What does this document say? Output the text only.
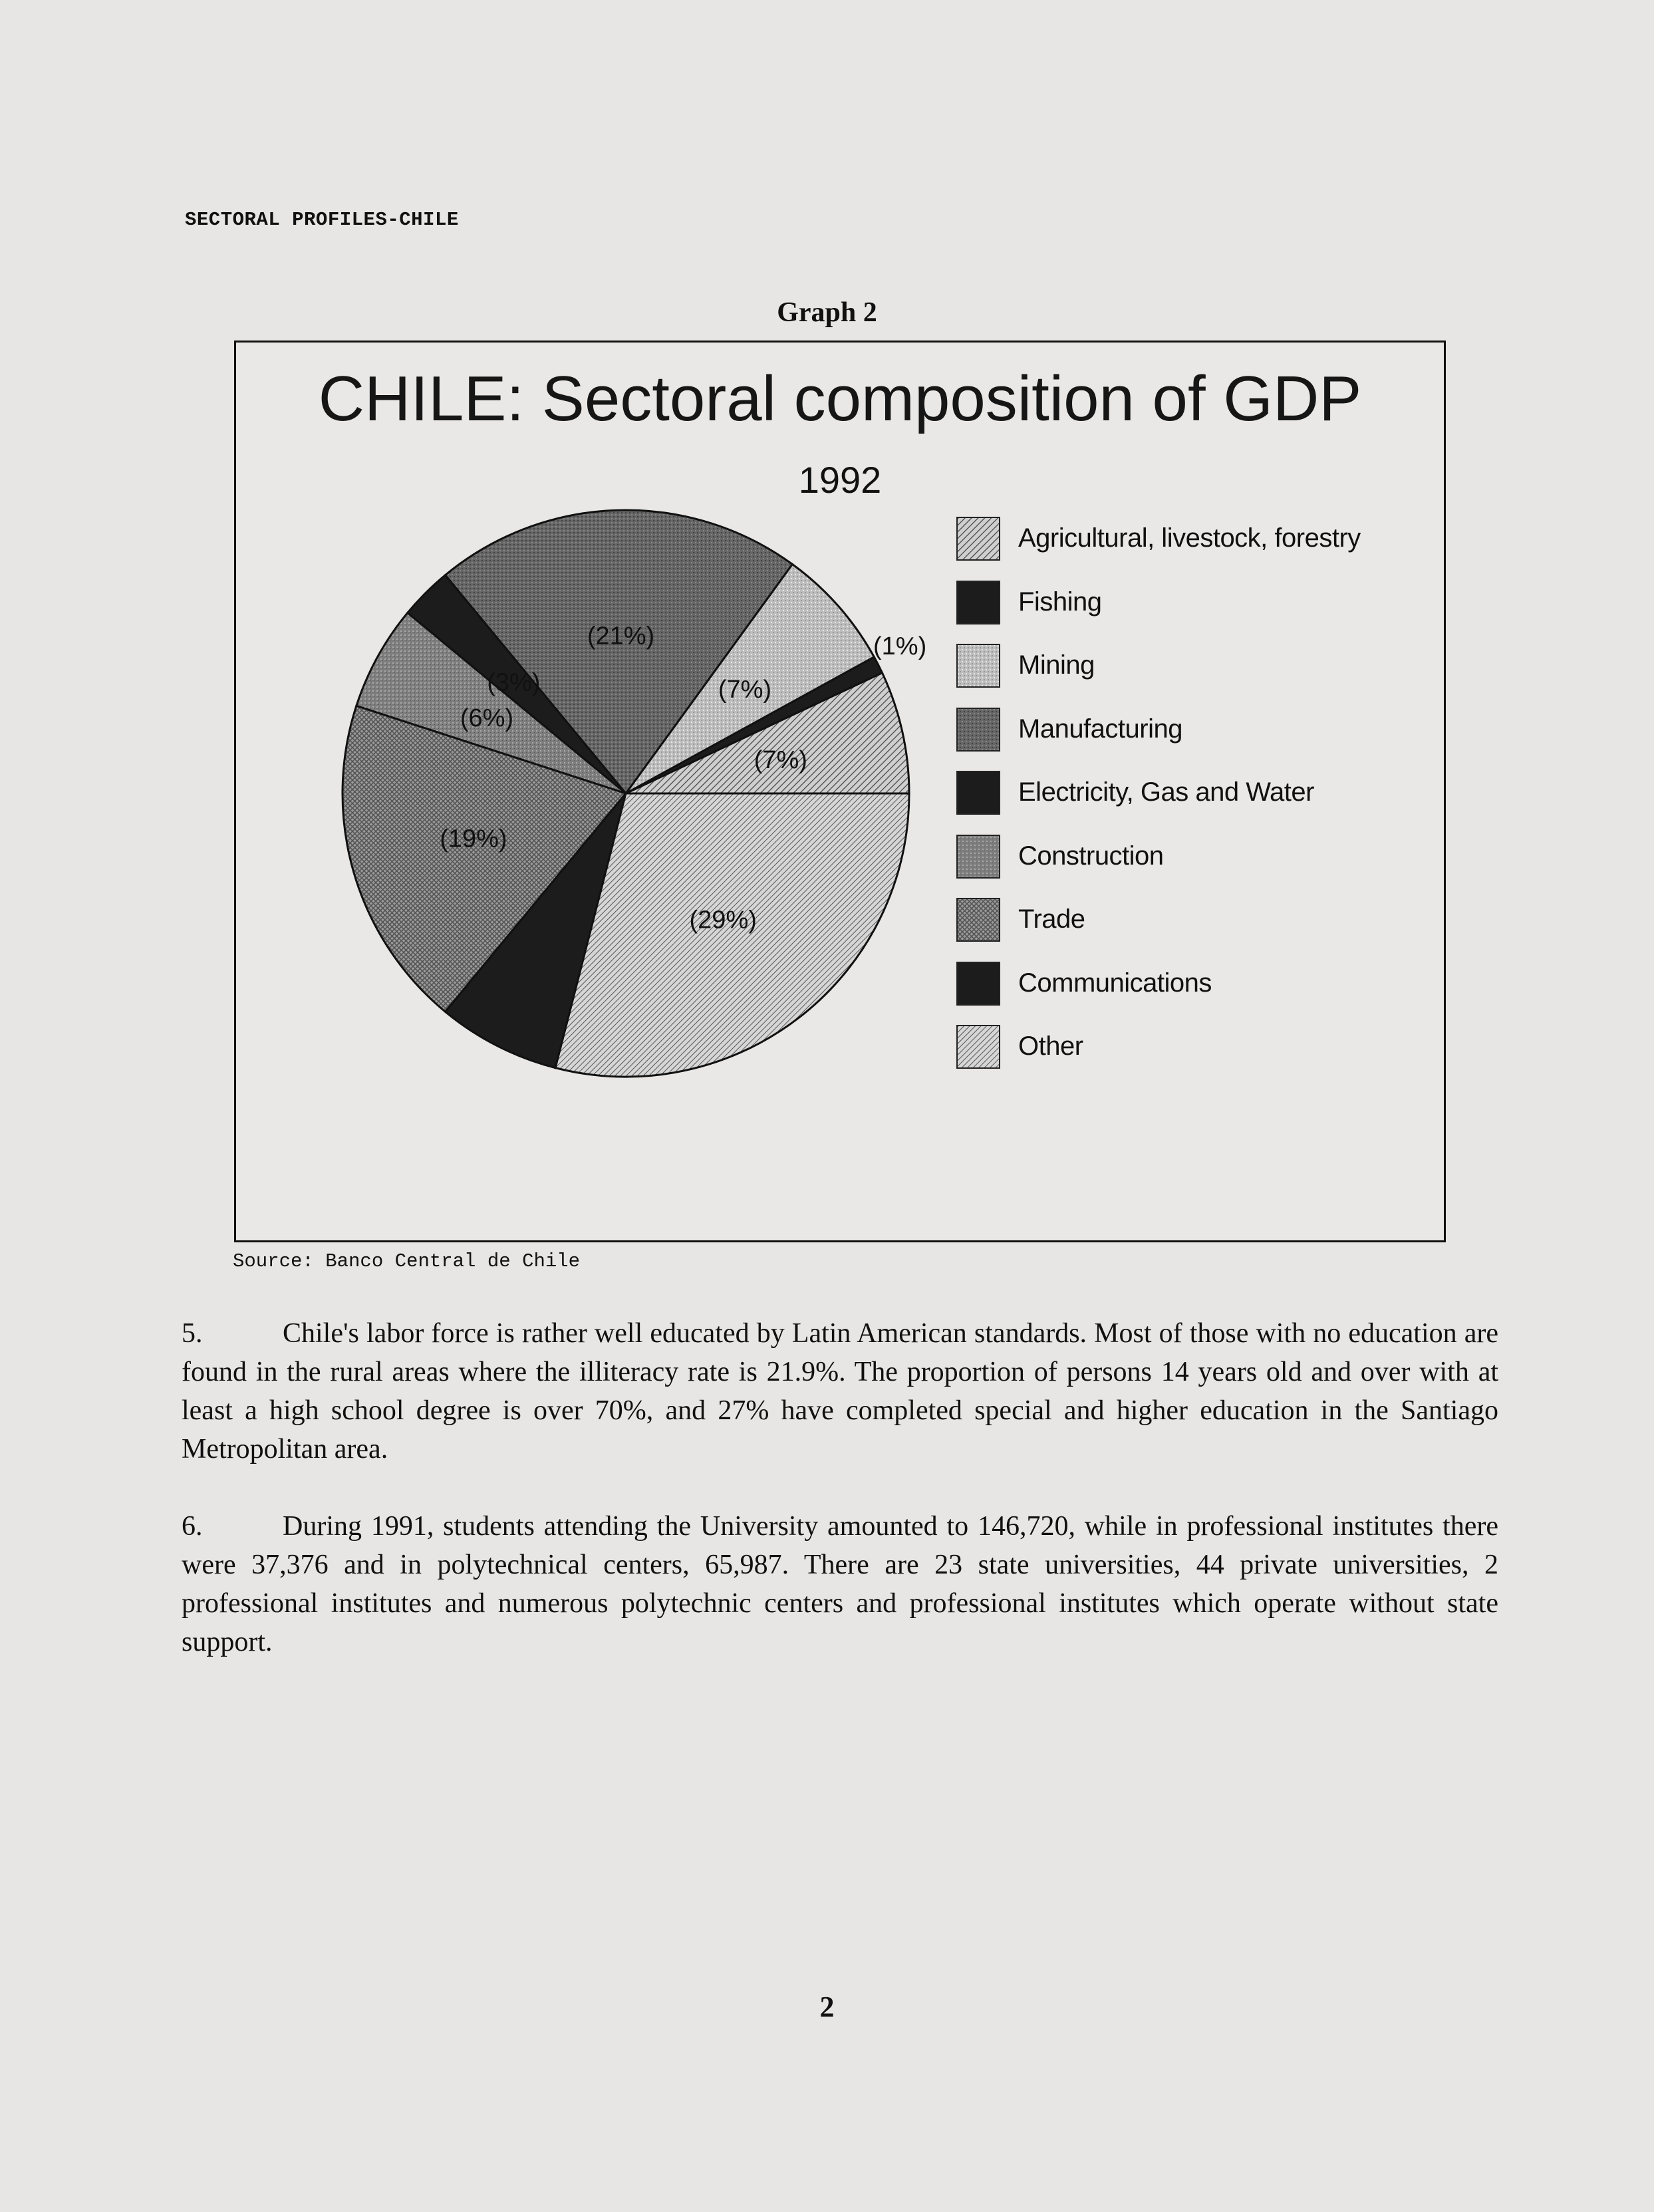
SECTORAL PROFILES-CHILE
Graph 2
CHILE: Sectoral composition of GDP
1992
(7%)
(7%)
(21%)
(3%)
(6%)
(19%)
(29%)
(1%)
Agricultural, livestock, forestry
Fishing
Mining
Manufacturing
Electricity, Gas and Water
Construction
Trade
Communications
Other
Source: Banco Central de Chile
5.	Chile's labor force is rather well educated by Latin American standards. Most of those with no education are found in the rural areas where the illiteracy rate is 21.9%. The proportion of persons 14 years old and over with at least a high school degree is over 70%, and 27% have completed special and higher education in the Santiago Metropolitan area.
6.	During 1991, students attending the University amounted to 146,720, while in professional institutes there were 37,376 and in polytechnical centers, 65,987. There are 23 state universities, 44 private universities, 2 professional institutes and numerous polytechnic centers and professional institutes which operate without state support.
2
